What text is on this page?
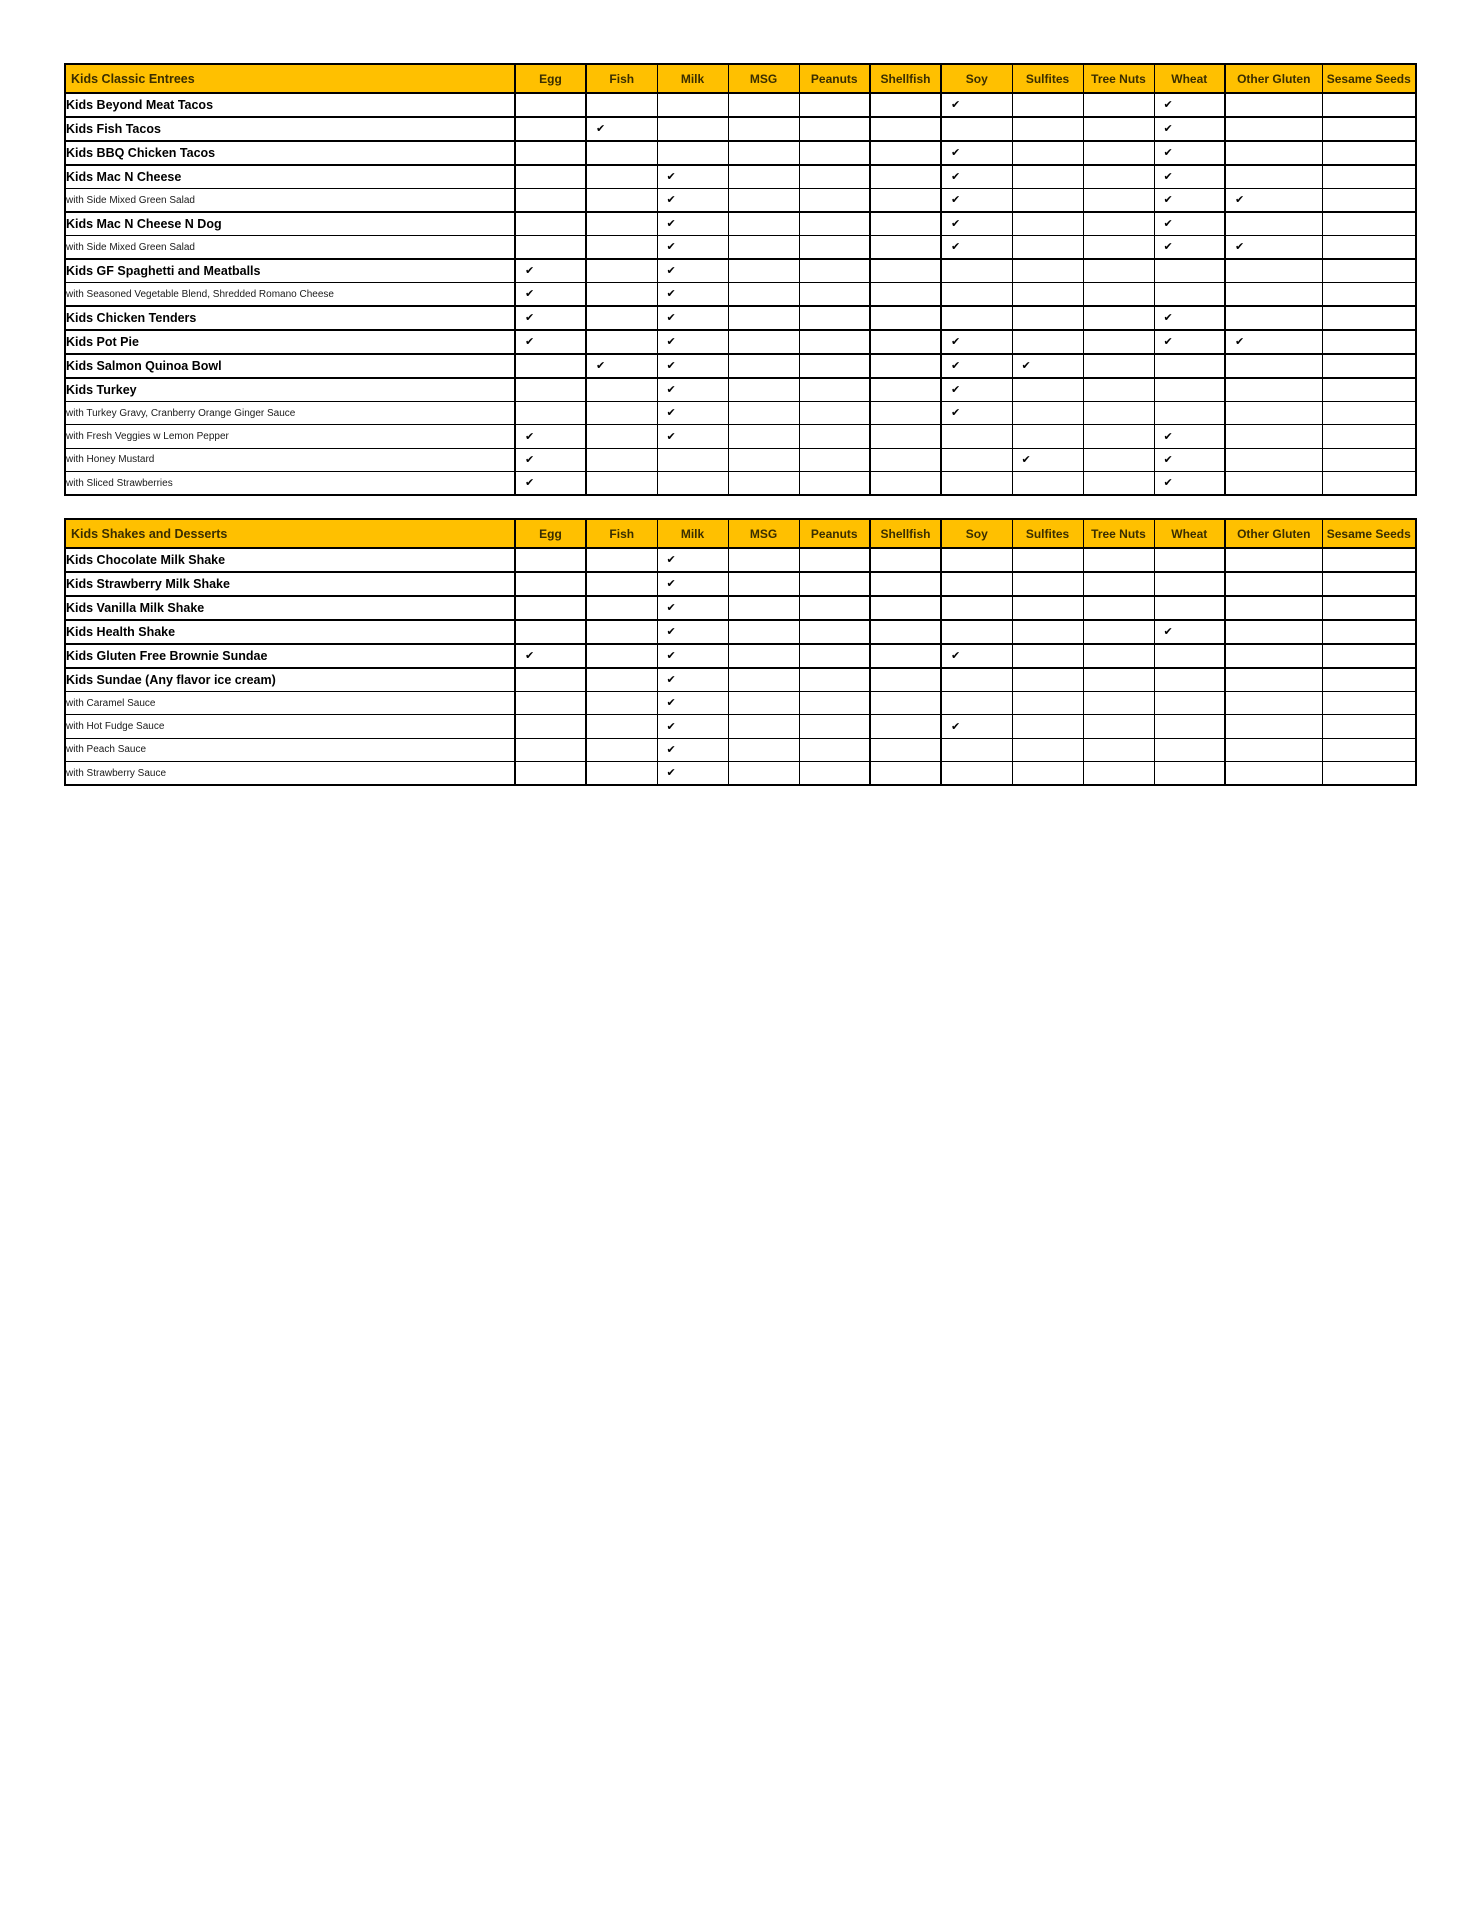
Kids Classic Entrees	Egg	Fish	Milk	MSG	Peanuts	Shellfish	Soy	Sulfites	Tree Nuts	Wheat	Other Gluten	Sesame Seeds
Kids Beyond Meat Tacos							✔			✔		

Kids Fish Tacos		✔								✔		

Kids BBQ Chicken Tacos							✔			✔		

Kids Mac N Cheese			✔				✔			✔		

with Side Mixed Green Salad			✔				✔			✔	✔	

Kids Mac N Cheese N Dog			✔				✔			✔		

with Side Mixed Green Salad			✔				✔			✔	✔	

Kids GF Spaghetti and Meatballs	✔		✔									

with Seasoned Vegetable Blend, Shredded Romano Cheese	✔		✔									

Kids Chicken Tenders	✔		✔							✔		

Kids Pot Pie	✔		✔				✔			✔	✔	

Kids Salmon Quinoa Bowl		✔	✔				✔	✔				

Kids Turkey			✔				✔					

with Turkey Gravy, Cranberry Orange Ginger Sauce			✔				✔					

with Fresh Veggies w Lemon Pepper	✔		✔							✔		

with Honey Mustard	✔							✔		✔		

with Sliced Strawberries	✔									✔		

Kids Shakes and Desserts	Egg	Fish	Milk	MSG	Peanuts	Shellfish	Soy	Sulfites	Tree Nuts	Wheat	Other Gluten	Sesame Seeds
Kids Chocolate Milk Shake			✔									

Kids Strawberry Milk Shake			✔									

Kids Vanilla Milk Shake			✔									

Kids Health Shake			✔							✔		

Kids Gluten Free Brownie Sundae	✔		✔				✔					

Kids Sundae (Any flavor ice cream)			✔									

with Caramel Sauce			✔									

with Hot Fudge Sauce			✔				✔					

with Peach Sauce			✔									

with Strawberry Sauce			✔									
